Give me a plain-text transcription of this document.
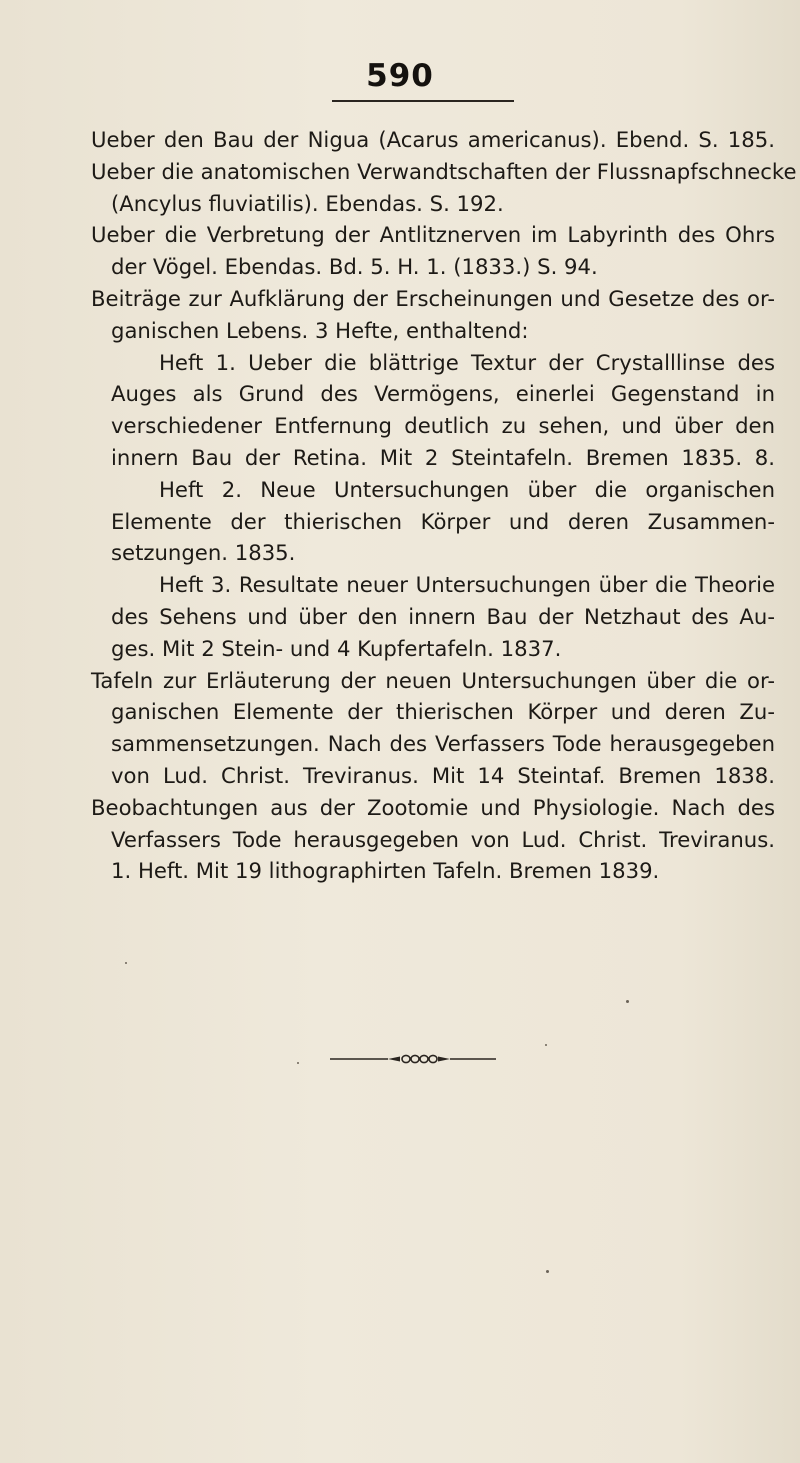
590
Ueber den Bau der Nigua (Acarus americanus). Ebend. S. 185.
Ueber die anatomischen Verwandtschaften der Flussnapfschnecke
(Ancylus fluviatilis). Ebendas. S. 192.
Ueber die Verbretung der Antlitznerven im Labyrinth des Ohrs
der Vögel. Ebendas. Bd. 5. H. 1. (1833.) S. 94.
Beiträge zur Aufklärung der Erscheinungen und Gesetze des or-
ganischen Lebens. 3 Hefte, enthaltend:
Heft 1. Ueber die blättrige Textur der Crystalllinse des
Auges als Grund des Vermögens, einerlei Gegenstand in
verschiedener Entfernung deutlich zu sehen, und über den
innern Bau der Retina. Mit 2 Steintafeln. Bremen 1835. 8.
Heft 2. Neue Untersuchungen über die organischen
Elemente der thierischen Körper und deren Zusammen-
setzungen. 1835.
Heft 3. Resultate neuer Untersuchungen über die Theorie
des Sehens und über den innern Bau der Netzhaut des Au-
ges. Mit 2 Stein- und 4 Kupfertafeln. 1837.
Tafeln zur Erläuterung der neuen Untersuchungen über die or-
ganischen Elemente der thierischen Körper und deren Zu-
sammensetzungen. Nach des Verfassers Tode herausgegeben
von Lud. Christ. Treviranus. Mit 14 Steintaf. Bremen 1838.
Beobachtungen aus der Zootomie und Physiologie. Nach des
Verfassers Tode herausgegeben von Lud. Christ. Treviranus.
1. Heft. Mit 19 lithographirten Tafeln. Bremen 1839.
